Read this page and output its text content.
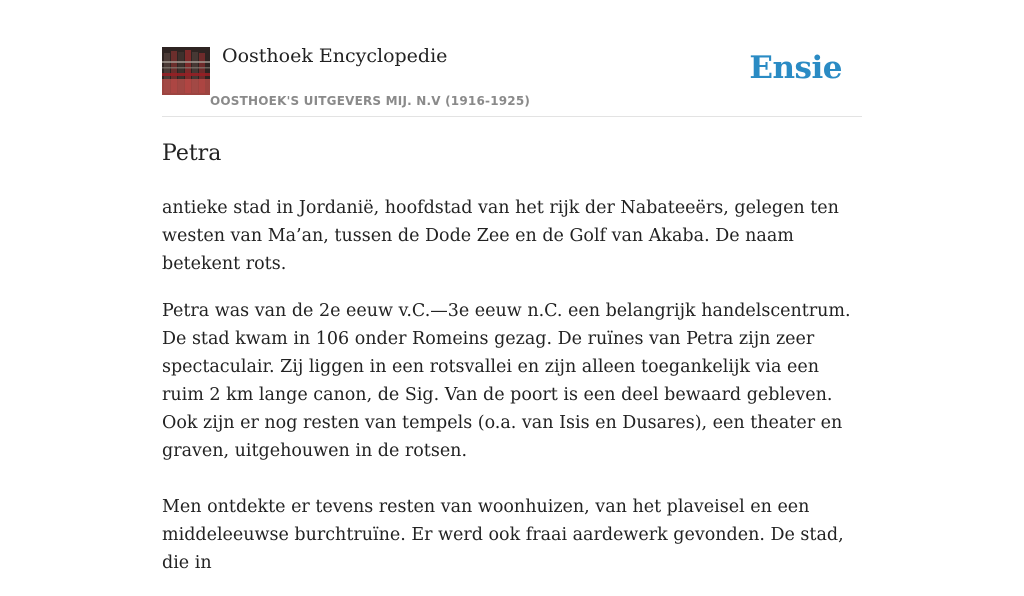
Oosthoek Encyclopedie
OOSTHOEK'S UITGEVERS MIJ. N.V (1916-1925)
Ensie
Petra

antieke stad in Jordanië, hoofdstad van het rijk der Nabateeërs, gelegen ten westen van Ma’an, tussen de Dode Zee en de Golf van Akaba. De naam betekent rots.

Petra was van de 2e eeuw v.C.—3e eeuw n.C. een belangrijk handelscentrum. De stad kwam in 106 onder Romeins gezag. De ruïnes van Petra zijn zeer spectaculair. Zij liggen in een rotsvallei en zijn alleen toegankelijk via een ruim 2 km lange canon, de Sig. Van de poort is een deel bewaard gebleven. Ook zijn er nog resten van tempels (o.a. van Isis en Dusares), een theater en graven, uitgehouwen in de rotsen.

Men ontdekte er tevens resten van woonhuizen, van het plaveisel en een middeleeuwse burchtruïne. Er werd ook fraai aardewerk gevonden. De stad, die in
